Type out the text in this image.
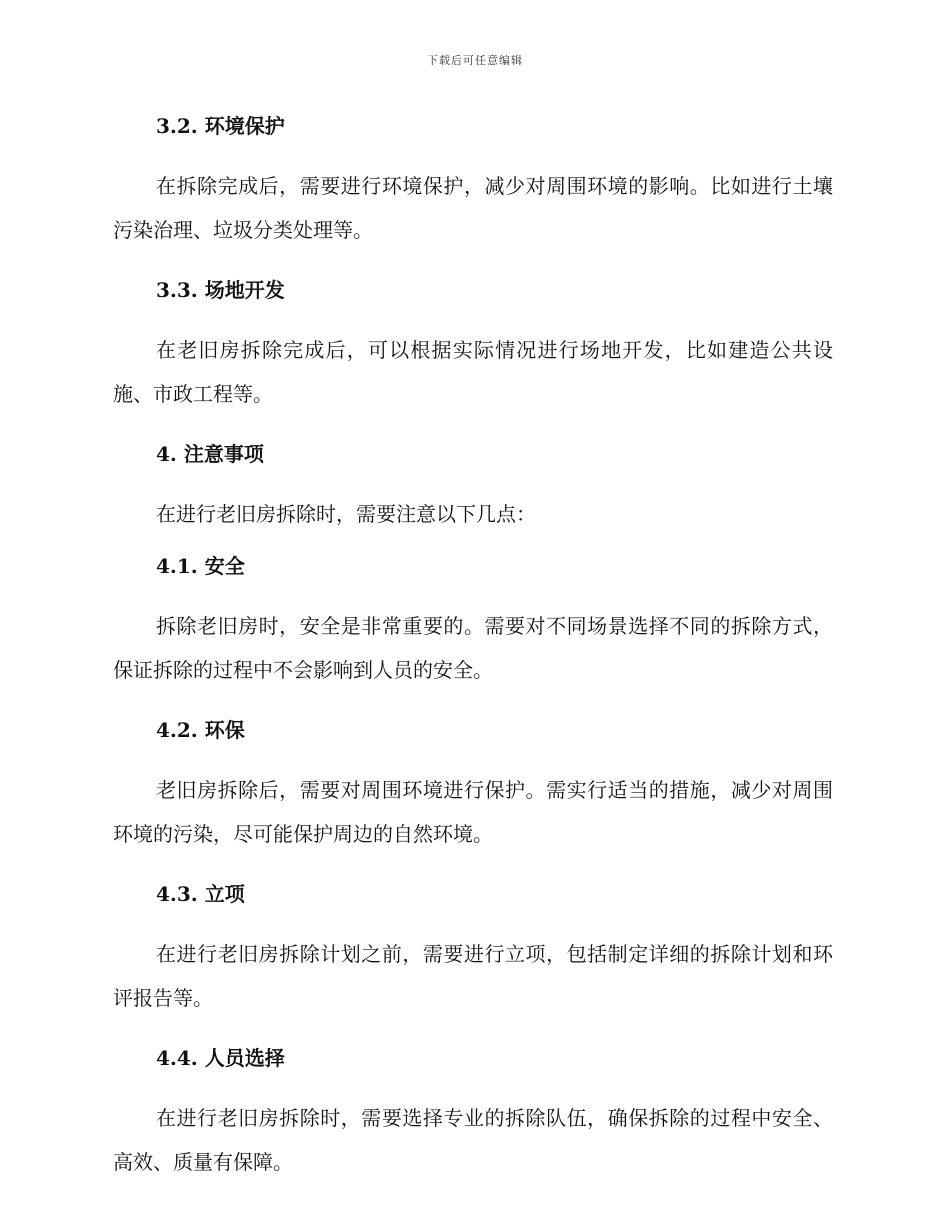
下载后可任意编辑
3.2. 环境保护

在拆除完成后，需要进行环境保护，减少对周围环境的影响。比如进行土壤污染治理、垃圾分类处理等。

3.3. 场地开发

在老旧房拆除完成后，可以根据实际情况进行场地开发，比如建造公共设施、市政工程等。

4. 注意事项

在进行老旧房拆除时，需要注意以下几点：

4.1. 安全

拆除老旧房时，安全是非常重要的。需要对不同场景选择不同的拆除方式，保证拆除的过程中不会影响到人员的安全。

4.2. 环保

老旧房拆除后，需要对周围环境进行保护。需实行适当的措施，减少对周围环境的污染，尽可能保护周边的自然环境。

4.3. 立项

在进行老旧房拆除计划之前，需要进行立项，包括制定详细的拆除计划和环评报告等。

4.4. 人员选择

在进行老旧房拆除时，需要选择专业的拆除队伍，确保拆除的过程中安全、高效、质量有保障。
